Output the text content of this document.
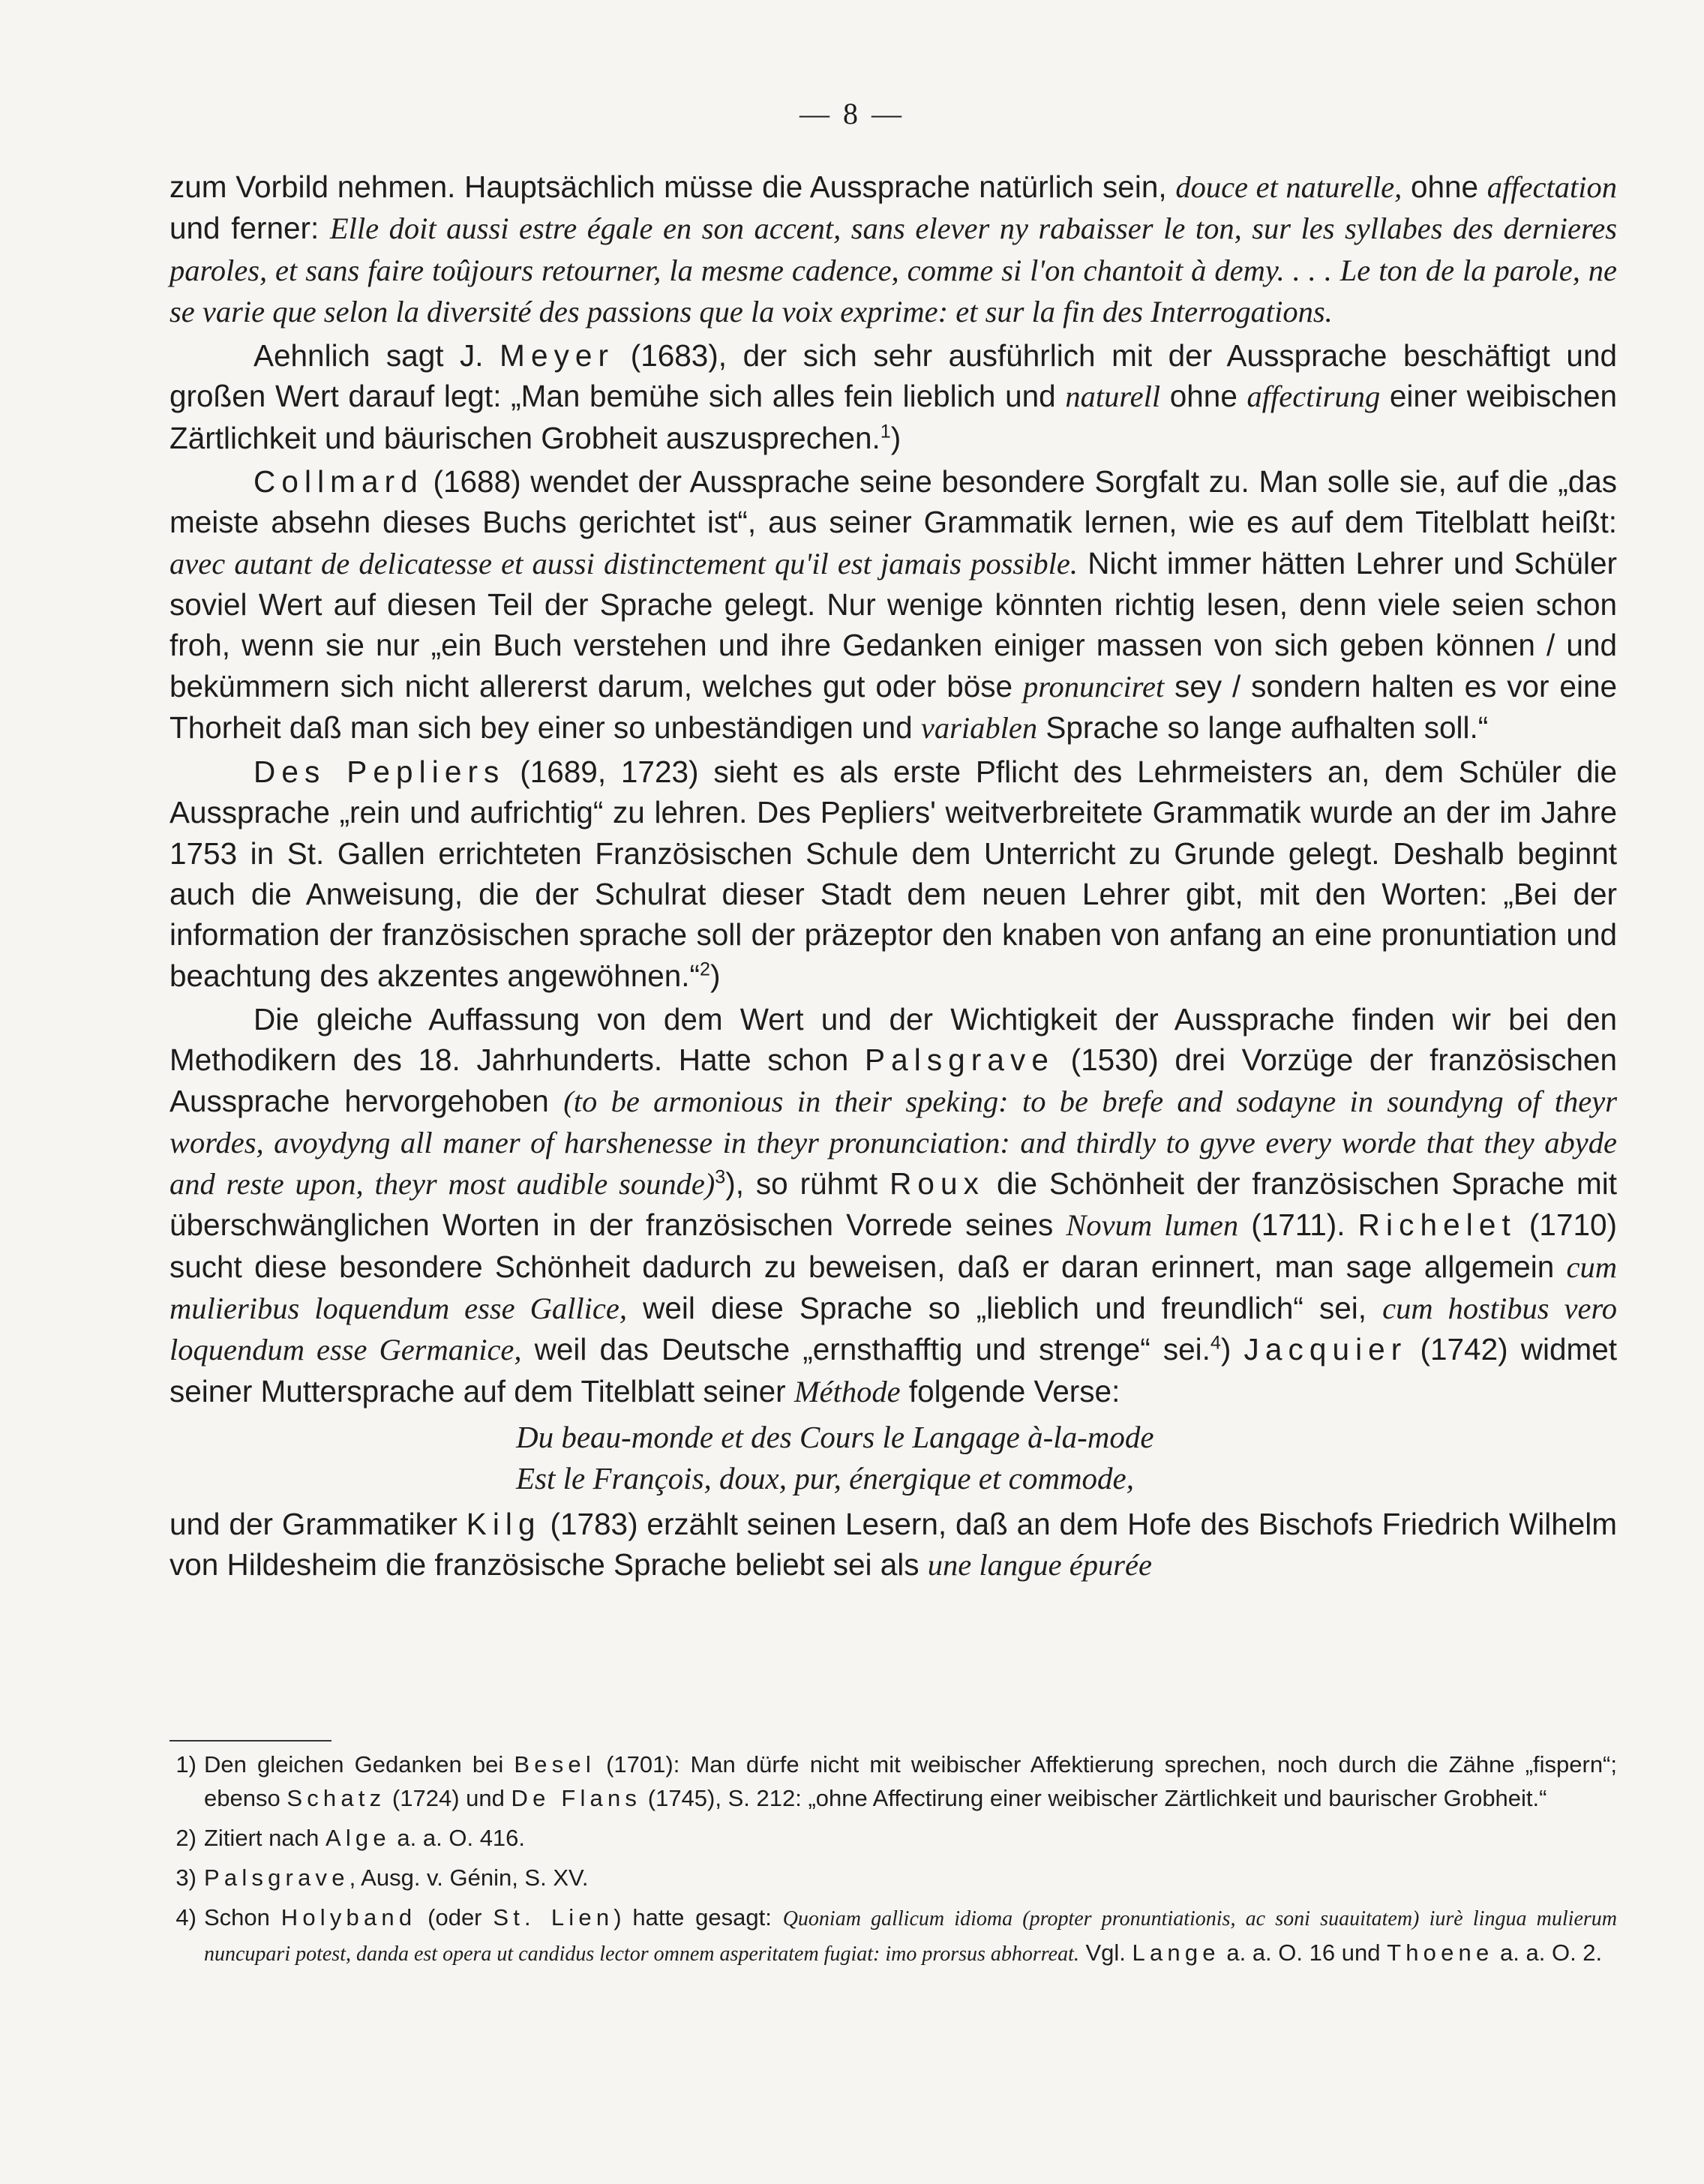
— 8 —

zum Vorbild nehmen. Hauptsächlich müsse die Aussprache natürlich sein, douce et naturelle, ohne affectation und ferner: Elle doit aussi estre égale en son accent, sans elever ny rabaisser le ton, sur les syllabes des dernieres paroles, et sans faire toûjours retourner, la mesme cadence, comme si l'on chantoit à demy. . . . Le ton de la parole, ne se varie que selon la diversité des passions que la voix exprime: et sur la fin des Interrogations.

Aehnlich sagt J. Meyer (1683), der sich sehr ausführlich mit der Aussprache beschäftigt und großen Wert darauf legt: „Man bemühe sich alles fein lieblich und naturell ohne affectirung einer weibischen Zärtlichkeit und bäurischen Grobheit auszusprechen.$^1$)

Collmard (1688) wendet der Aussprache seine besondere Sorgfalt zu. Man solle sie, auf die „das meiste absehn dieses Buchs gerichtet ist“, aus seiner Grammatik lernen, wie es auf dem Titelblatt heißt: avec autant de delicatesse et aussi distinctement qu'il est jamais possible. Nicht immer hätten Lehrer und Schüler soviel Wert auf diesen Teil der Sprache gelegt. Nur wenige könnten richtig lesen, denn viele seien schon froh, wenn sie nur „ein Buch verstehen und ihre Gedanken einiger massen von sich geben können / und bekümmern sich nicht allererst darum, welches gut oder böse pronunciret sey / sondern halten es vor eine Thorheit daß man sich bey einer so unbeständigen und variablen Sprache so lange aufhalten soll.“

Des Pepliers (1689, 1723) sieht es als erste Pflicht des Lehrmeisters an, dem Schüler die Aussprache „rein und aufrichtig“ zu lehren. Des Pepliers' weitverbreitete Grammatik wurde an der im Jahre 1753 in St. Gallen errichteten Französischen Schule dem Unterricht zu Grunde gelegt. Deshalb beginnt auch die Anweisung, die der Schulrat dieser Stadt dem neuen Lehrer gibt, mit den Worten: „Bei der information der französischen sprache soll der präzeptor den knaben von anfang an eine pronuntiation und beachtung des akzentes angewöhnen.“$^2$)

Die gleiche Auffassung von dem Wert und der Wichtigkeit der Aussprache finden wir bei den Methodikern des 18. Jahrhunderts. Hatte schon Palsgrave (1530) drei Vorzüge der französischen Aussprache hervorgehoben (to be armonious in their speking: to be brefe and sodayne in soundyng of theyr wordes, avoydyng all maner of harshenesse in theyr pronunciation: and thirdly to gyve every worde that they abyde and reste upon, theyr most audible sounde)$^3$), so rühmt Roux die Schönheit der französischen Sprache mit überschwänglichen Worten in der französischen Vorrede seines Novum lumen (1711). Richelet (1710) sucht diese besondere Schönheit dadurch zu beweisen, daß er daran erinnert, man sage allgemein cum mulieribus loquendum esse Gallice, weil diese Sprache so „lieblich und freundlich“ sei, cum hostibus vero loquendum esse Germanice, weil das Deutsche „ernsthafftig und strenge“ sei.$^4$) Jacquier (1742) widmet seiner Muttersprache auf dem Titelblatt seiner Méthode folgende Verse:

Du beau-monde et des Cours le Langage à-la-mode
Est le François, doux, pur, énergique et commode,

und der Grammatiker Kilg (1783) erzählt seinen Lesern, daß an dem Hofe des Bischofs Friedrich Wilhelm von Hildesheim die französische Sprache beliebt sei als une langue épurée

1) Den gleichen Gedanken bei Besel (1701): Man dürfe nicht mit weibischer Affektierung sprechen, noch durch die Zähne „fispern“; ebenso Schatz (1724) und De Flans (1745), S. 212: „ohne Affectirung einer weibischer Zärtlichkeit und baurischer Grobheit.“
2) Zitiert nach Alge a. a. O. 416.
3) Palsgrave, Ausg. v. Génin, S. XV.
4) Schon Holyband (oder St. Lien) hatte gesagt: Quoniam gallicum idioma (propter pronuntiationis, ac soni suauitatem) iurè lingua mulierum nuncupari potest, danda est opera ut candidus lector omnem asperitatem fugiat: imo prorsus abhorreat. Vgl. Lange a. a. O. 16 und Thoene a. a. O. 2.
